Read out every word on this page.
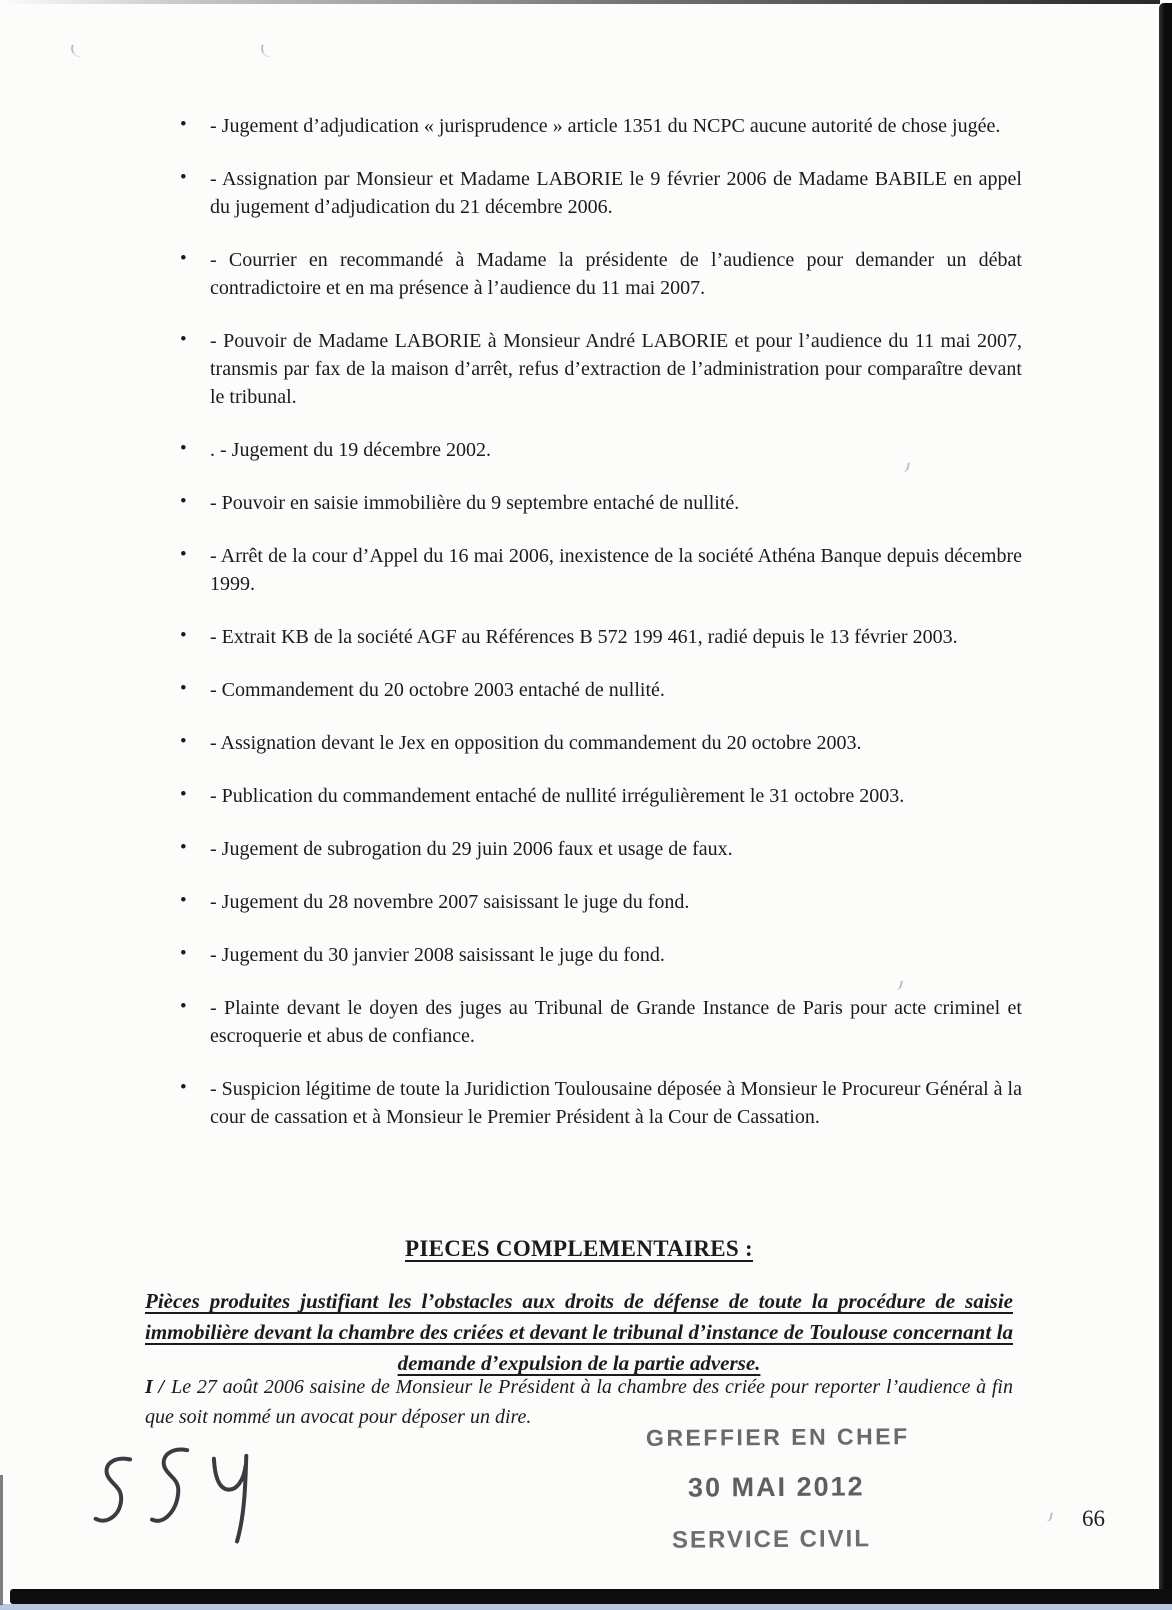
• - Jugement d’adjudication « jurisprudence » article 1351 du NCPC aucune autorité de chose jugée.
• - Assignation par Monsieur et Madame LABORIE le 9 février 2006 de Madame BABILE en appel du jugement d’adjudication du 21 décembre 2006.
• - Courrier en recommandé à Madame la présidente de l’audience pour demander un débat contradictoire et en ma présence à l’audience du 11 mai 2007.
• - Pouvoir de Madame LABORIE à Monsieur André LABORIE et pour l’audience du 11 mai 2007, transmis par fax de la maison d’arrêt, refus d’extraction de l’administration pour comparaître devant le tribunal.
• . - Jugement du 19 décembre 2002.
• - Pouvoir en saisie immobilière du 9 septembre entaché de nullité.
• - Arrêt de la cour d’Appel du 16 mai 2006, inexistence de la société Athéna Banque depuis décembre 1999.
• - Extrait KB de la société AGF au Références B 572 199 461, radié depuis le 13 février 2003.
• - Commandement du 20 octobre 2003 entaché de nullité.
• - Assignation devant le Jex en opposition du commandement du 20 octobre 2003.
• - Publication du commandement entaché de nullité irrégulièrement le 31 octobre 2003.
• - Jugement de subrogation du 29 juin 2006 faux et usage de faux.
• - Jugement du 28 novembre 2007 saisissant le juge du fond.
• - Jugement du 30 janvier 2008 saisissant le juge du fond.
• - Plainte devant le doyen des juges au Tribunal de Grande Instance de Paris pour acte criminel et escroquerie et abus de confiance.
• - Suspicion légitime de toute la Juridiction Toulousaine déposée à Monsieur le Procureur Général à la cour de cassation et à Monsieur le Premier Président à la Cour de Cassation.
PIECES COMPLEMENTAIRES :
Pièces produites justifiant les l’obstacles aux droits de défense de toute la procédure de saisie immobilière devant la chambre des criées et devant le tribunal d’instance de Toulouse concernant la demande d’expulsion de la partie adverse.
I / Le 27 août 2006 saisine de Monsieur le Président à la chambre des criée pour reporter l’audience à fin que soit nommé un avocat pour déposer un dire.
GREFFIER EN CHEF
30 MAI 2012
SERVICE CIVIL
66
